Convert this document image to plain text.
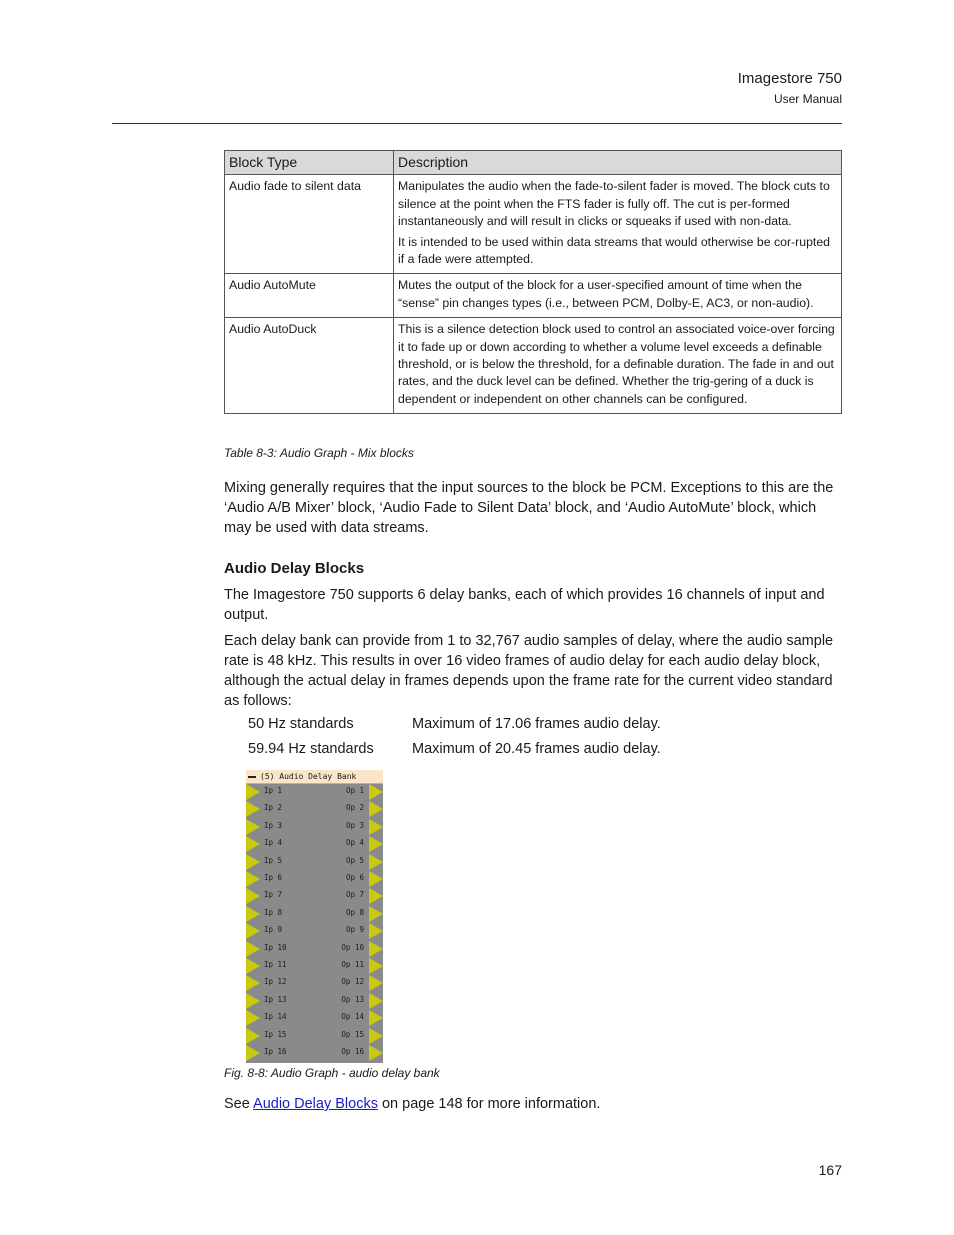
Imagestore 750
User Manual
Block Type	Description
Audio fade to silent data	Manipulates the audio when the fade-to-silent fader is moved. The block cuts to silence at the point when the FTS fader is fully off. The cut is per-formed instantaneously and will result in clicks or squeaks if used with non-data.

It is intended to be used within data streams that would otherwise be cor-rupted if a fade were attempted.

Audio AutoMute	Mutes the output of the block for a user-specified amount of time when the “sense” pin changes types (i.e., between PCM, Dolby-E, AC3, or non-audio).

Audio AutoDuck	This is a silence detection block used to control an associated voice-over forcing it to fade up or down according to whether a volume level exceeds a definable threshold, or is below the threshold, for a definable duration. The fade in and out rates, and the duck level can be defined. Whether the trig-gering of a duck is dependent or independent on other channels can be configured.

Table 8-3: Audio Graph - Mix blocks

Mixing generally requires that the input sources to the block be PCM. Exceptions to this are the ‘Audio A/B Mixer’ block, ‘Audio Fade to Silent Data’ block, and ‘Audio AutoMute’ block, which may be used with data streams.

Audio Delay Blocks

The Imagestore 750 supports 6 delay banks, each of which provides 16 channels of input and output.

Each delay bank can provide from 1 to 32,767 audio samples of delay, where the audio sample rate is 48 kHz. This results in over 16 video frames of audio delay for each audio delay block, although the actual delay in frames depends upon the frame rate for the current video standard as follows:

50 Hz standards	Maximum of 17.06 frames audio delay.
59.94 Hz standards	Maximum of 20.45 frames audio delay.
(5) Audio Delay Bank
Ip 1	Op 1
Ip 2	Op 2
Ip 3	Op 3
Ip 4	Op 4
Ip 5	Op 5
Ip 6	Op 6
Ip 7	Op 7
Ip 8	Op 8
Ip 9	Op 9
Ip 10	Op 10
Ip 11	Op 11
Ip 12	Op 12
Ip 13	Op 13
Ip 14	Op 14
Ip 15	Op 15
Ip 16	Op 16
Fig. 8-8: Audio Graph - audio delay bank
See Audio Delay Blocks on page 148 for more information.
167
